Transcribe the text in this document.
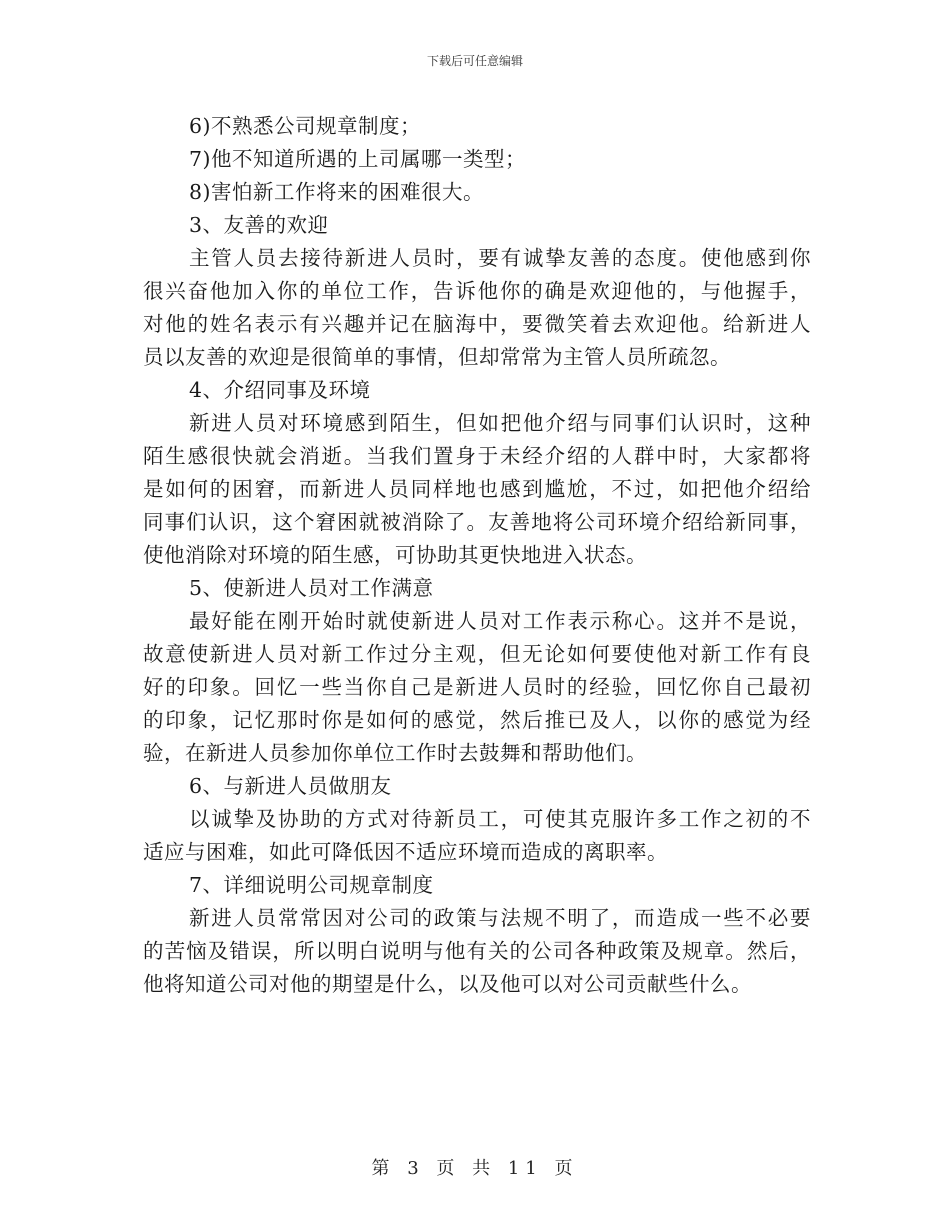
下载后可任意编辑
6)不熟悉公司规章制度；
7)他不知道所遇的上司属哪一类型；
8)害怕新工作将来的困难很大。
3、友善的欢迎
主管人员去接待新进人员时，要有诚挚友善的态度。使他感到你
很兴奋他加入你的单位工作，告诉他你的确是欢迎他的，与他握手，
对他的姓名表示有兴趣并记在脑海中，要微笑着去欢迎他。给新进人
员以友善的欢迎是很简单的事情，但却常常为主管人员所疏忽。
4、介绍同事及环境
新进人员对环境感到陌生，但如把他介绍与同事们认识时，这种
陌生感很快就会消逝。当我们置身于未经介绍的人群中时，大家都将
是如何的困窘，而新进人员同样地也感到尴尬，不过，如把他介绍给
同事们认识，这个窘困就被消除了。友善地将公司环境介绍给新同事，
使他消除对环境的陌生感，可协助其更快地进入状态。
5、使新进人员对工作满意
最好能在刚开始时就使新进人员对工作表示称心。这并不是说，
故意使新进人员对新工作过分主观，但无论如何要使他对新工作有良
好的印象。回忆一些当你自己是新进人员时的经验，回忆你自己最初
的印象，记忆那时你是如何的感觉，然后推已及人，以你的感觉为经
验，在新进人员参加你单位工作时去鼓舞和帮助他们。
6、与新进人员做朋友
以诚挚及协助的方式对待新员工，可使其克服许多工作之初的不
适应与困难，如此可降低因不适应环境而造成的离职率。
7、详细说明公司规章制度
新进人员常常因对公司的政策与法规不明了，而造成一些不必要
的苦恼及错误，所以明白说明与他有关的公司各种政策及规章。然后，
他将知道公司对他的期望是什么，以及他可以对公司贡献些什么。
第 3 页 共 11 页
